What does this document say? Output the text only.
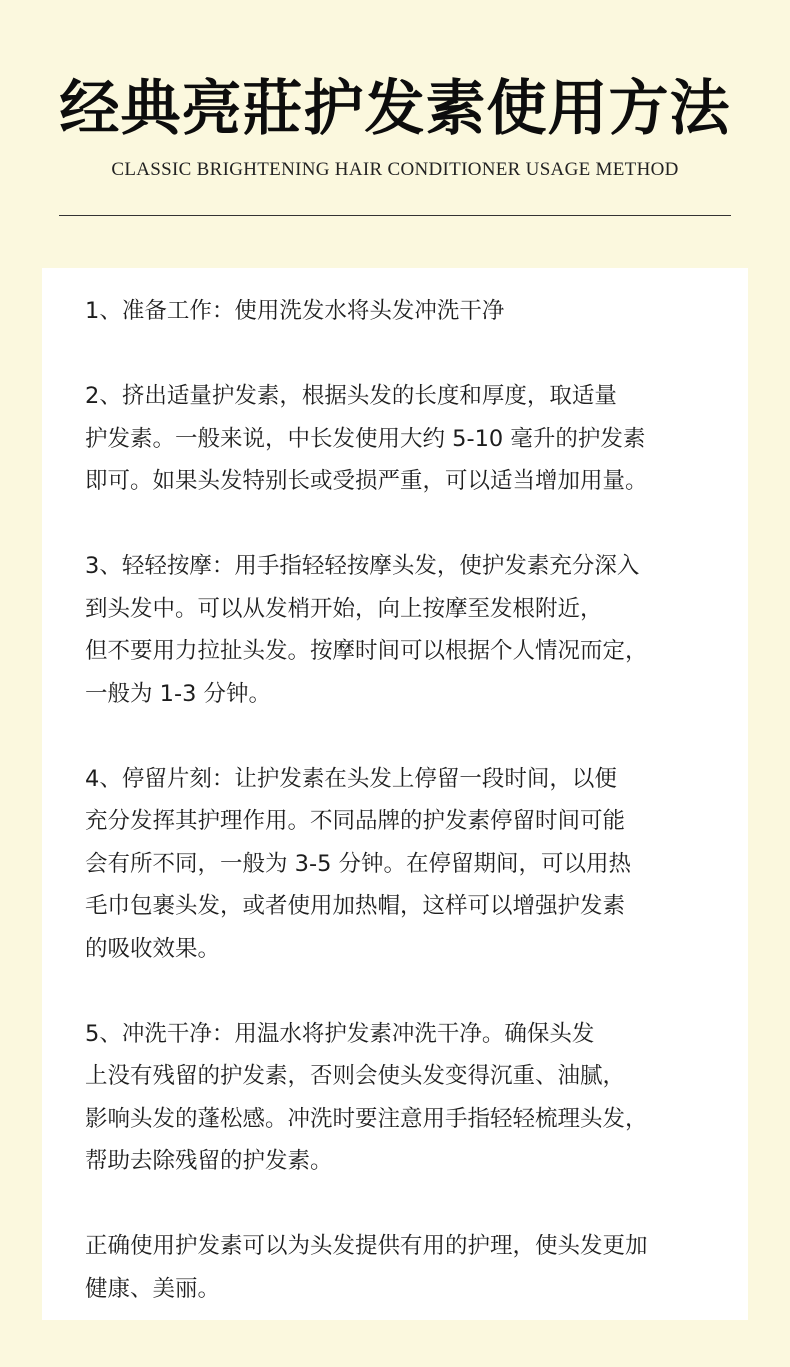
经典亮莊护发素使用方法
CLASSIC BRIGHTENING HAIR CONDITIONER USAGE METHOD
1、准备工作：使用洗发水将头发冲洗干净
2、挤出适量护发素，根据头发的长度和厚度，取适量
护发素。一般来说，中长发使用大约 5-10 毫升的护发素
即可。如果头发特别长或受损严重，可以适当增加用量。
3、轻轻按摩：用手指轻轻按摩头发，使护发素充分深入
到头发中。可以从发梢开始，向上按摩至发根附近，
但不要用力拉扯头发。按摩时间可以根据个人情况而定，
一般为 1-3 分钟。
4、停留片刻：让护发素在头发上停留一段时间，以便
充分发挥其护理作用。不同品牌的护发素停留时间可能
会有所不同，一般为 3-5 分钟。在停留期间，可以用热
毛巾包裹头发，或者使用加热帽，这样可以增强护发素
的吸收效果。
5、冲洗干净：用温水将护发素冲洗干净。确保头发
上没有残留的护发素，否则会使头发变得沉重、油腻，
影响头发的蓬松感。冲洗时要注意用手指轻轻梳理头发，
帮助去除残留的护发素。
正确使用护发素可以为头发提供有用的护理，使头发更加
健康、美丽。
